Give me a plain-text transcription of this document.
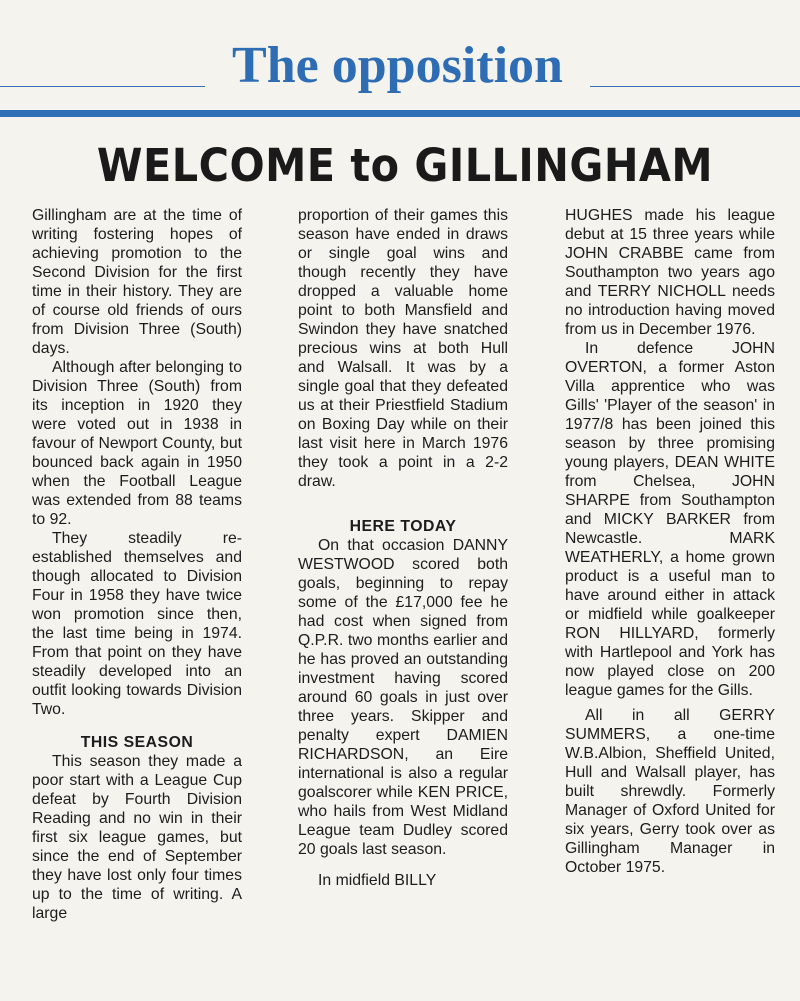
The opposition
WELCOME to GILLINGHAM

Gillingham are at the time of writing fostering hopes of achieving promotion to the Second Division for the first time in their history. They are of course old friends of ours from Division Three (South) days.

Although after belonging to Division Three (South) from its inception in 1920 they were voted out in 1938 in favour of Newport County, but bounced back again in 1950 when the Football League was extended from 88 teams to 92.

They steadily re-established themselves and though allocated to Division Four in 1958 they have twice won promotion since then, the last time being in 1974. From that point on they have steadily developed into an outfit looking towards Division Two.

THIS SEASON

This season they made a poor start with a League Cup defeat by Fourth Division Reading and no win in their first six league games, but since the end of September they have lost only four times up to the time of writing. A large

proportion of their games this season have ended in draws or single goal wins and though recently they have dropped a valuable home point to both Mansfield and Swindon they have snatched precious wins at both Hull and Walsall. It was by a single goal that they defeated us at their Priestfield Stadium on Boxing Day while on their last visit here in March 1976 they took a point in a 2-2 draw.

HERE TODAY

On that occasion DANNY WESTWOOD scored both goals, beginning to repay some of the £17,000 fee he had cost when signed from Q.P.R. two months earlier and he has proved an outstanding investment having scored around 60 goals in just over three years. Skipper and penalty expert DAMIEN RICHARDSON, an Eire international is also a regular goalscorer while KEN PRICE, who hails from West Midland League team Dudley scored 20 goals last season.

In midfield BILLY

HUGHES made his league debut at 15 three years while JOHN CRABBE came from Southampton two years ago and TERRY NICHOLL needs no introduction having moved from us in December 1976.

In defence JOHN OVERTON, a former Aston Villa apprentice who was Gills' 'Player of the season' in 1977/8 has been joined this season by three promising young players, DEAN WHITE from Chelsea, JOHN SHARPE from Southampton and MICKY BARKER from Newcastle. MARK WEATHERLY, a home grown product is a useful man to have around either in attack or midfield while goalkeeper RON HILLYARD, formerly with Hartlepool and York has now played close on 200 league games for the Gills.

All in all GERRY SUMMERS, a one-time W.B.Albion, Sheffield United, Hull and Walsall player, has built shrewdly. Formerly Manager of Oxford United for six years, Gerry took over as Gillingham Manager in October 1975.
